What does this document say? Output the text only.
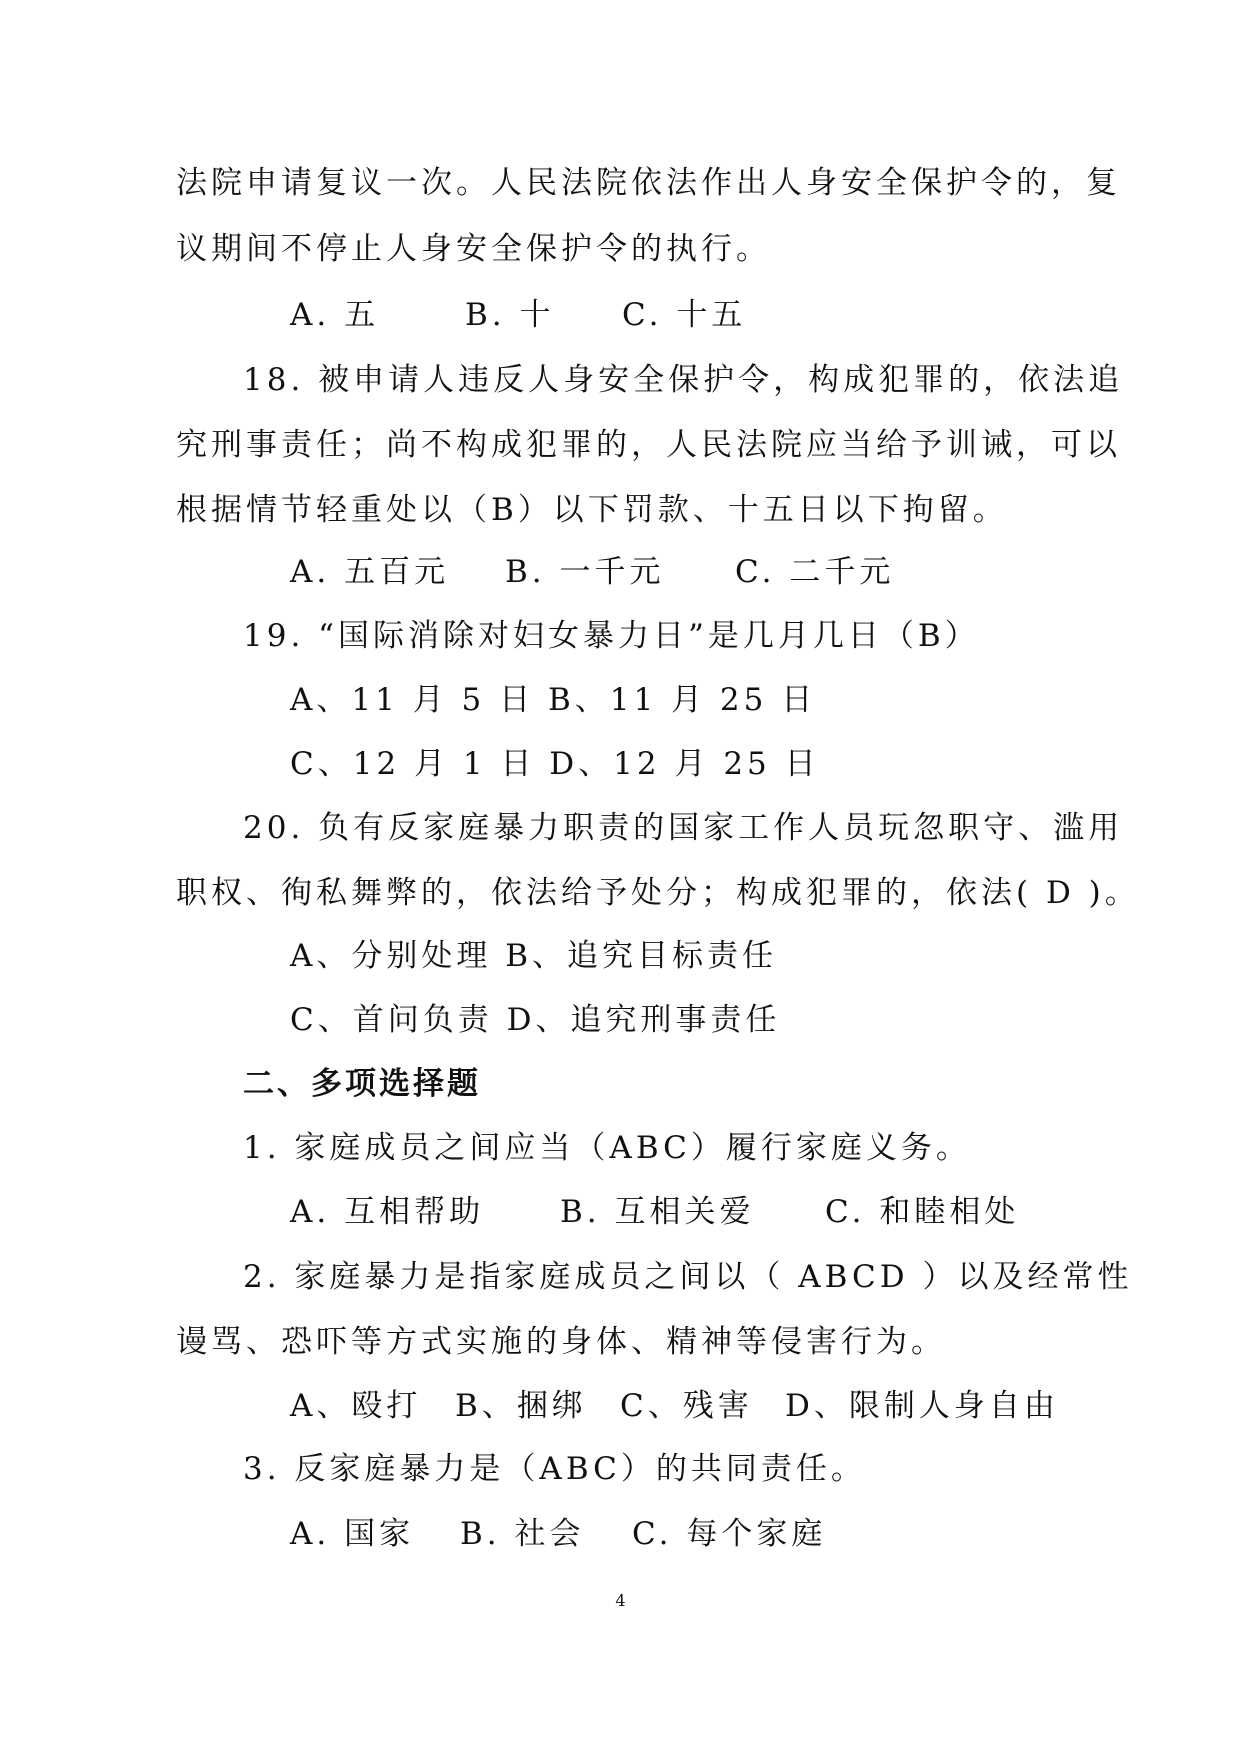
法院申请复议一次。人民法院依法作出人身安全保护令的，复
议期间不停止人身安全保护令的执行。
A. 五	B. 十 C. 十五
18. 被申请人违反人身安全保护令，构成犯罪的，依法追
究刑事责任；尚不构成犯罪的，人民法院应当给予训诫，可以
根据情节轻重处以（B）以下罚款、十五日以下拘留。
A. 五百元 B. 一千元 C. 二千元
19. “国际消除对妇女暴力日”是几月几日（B）
A、11 月 5 日 B、11 月 25 日
C、12 月 1 日 D、12 月 25 日
20. 负有反家庭暴力职责的国家工作人员玩忽职守、滥用
职权、徇私舞弊的，依法给予处分；构成犯罪的，依法( D )。
A、分别处理 B、追究目标责任
C、首问负责 D、追究刑事责任
二、多项选择题
1. 家庭成员之间应当（ABC）履行家庭义务。
A. 互相帮助 B. 互相关爱 C. 和睦相处
2. 家庭暴力是指家庭成员之间以（ ABCD ）以及经常性
谩骂、恐吓等方式实施的身体、精神等侵害行为。
A、殴打 B、捆绑 C、残害 D、限制人身自由
3. 反家庭暴力是（ABC）的共同责任。
A. 国家 B. 社会 C. 每个家庭
4
